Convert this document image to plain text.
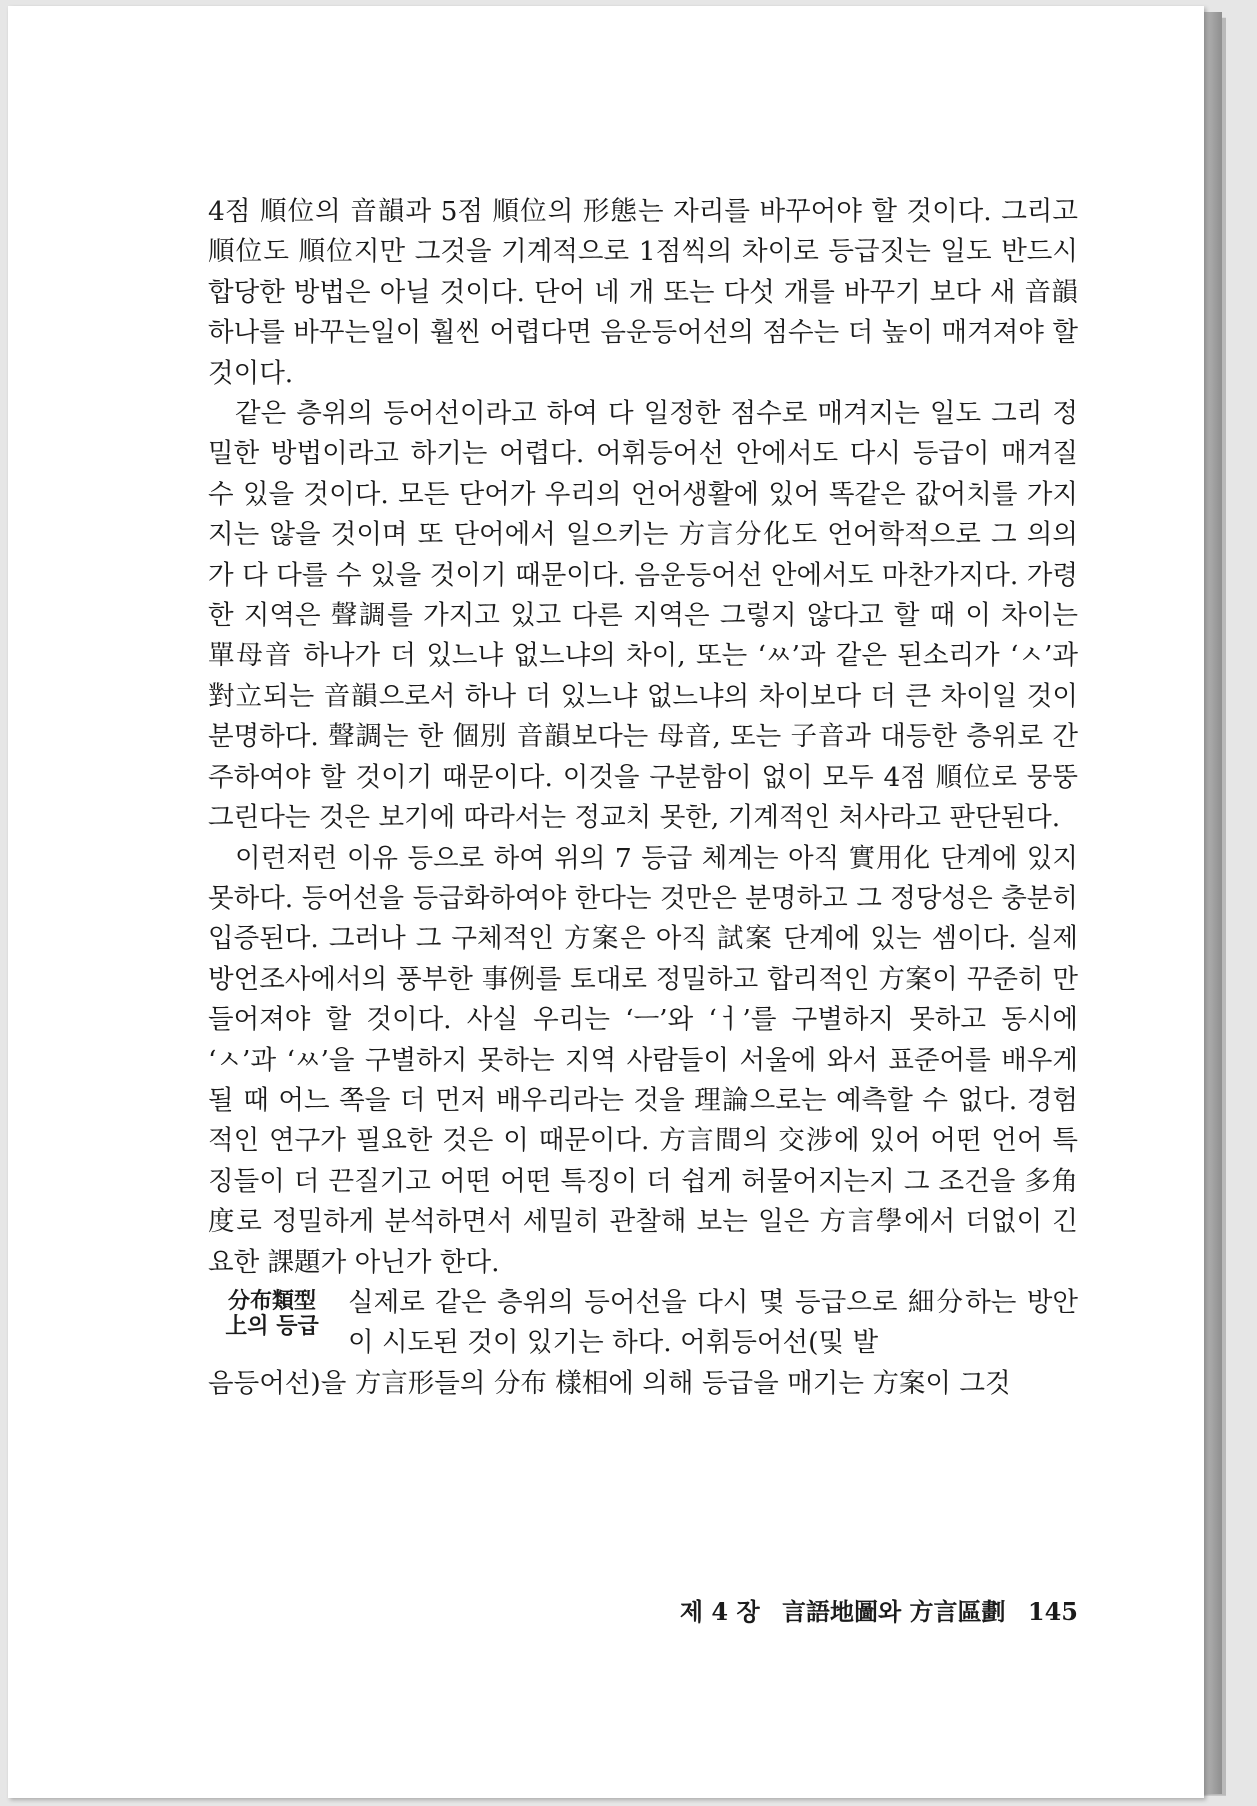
4점 順位의 音韻과 5점 順位의 形態는 자리를 바꾸어야 할 것이다. 그리고 順位도 順位지만 그것을 기계적으로 1점씩의 차이로 등급짓는 일도 반드시 합당한 방법은 아닐 것이다. 단어 네 개 또는 다섯 개를 바꾸기 보다 새 音韻 하나를 바꾸는일이 훨씬 어렵다면 음운등어선의 점수는 더 높이 매겨져야 할 것이다.

같은 층위의 등어선이라고 하여 다 일정한 점수로 매겨지는 일도 그리 정밀한 방법이라고 하기는 어렵다. 어휘등어선 안에서도 다시 등급이 매겨질 수 있을 것이다. 모든 단어가 우리의 언어생활에 있어 똑같은 값어치를 가지지는 않을 것이며 또 단어에서 일으키는 方言分化도 언어학적으로 그 의의가 다 다를 수 있을 것이기 때문이다. 음운등어선 안에서도 마찬가지다. 가령 한 지역은 聲調를 가지고 있고 다른 지역은 그렇지 않다고 할 때 이 차이는 單母音 하나가 더 있느냐 없느냐의 차이, 또는 ‘ㅆ’과 같은 된소리가 ‘ㅅ’과 對立되는 音韻으로서 하나 더 있느냐 없느냐의 차이보다 더 큰 차이일 것이 분명하다. 聲調는 한 個別 音韻보다는 母音, 또는 子音과 대등한 층위로 간주하여야 할 것이기 때문이다. 이것을 구분함이 없이 모두 4점 順位로 뭉뚱그린다는 것은 보기에 따라서는 정교치 못한, 기계적인 처사라고 판단된다.

이런저런 이유 등으로 하여 위의 7 등급 체계는 아직 實用化 단계에 있지 못하다. 등어선을 등급화하여야 한다는 것만은 분명하고 그 정당성은 충분히 입증된다. 그러나 그 구체적인 方案은 아직 試案 단계에 있는 셈이다. 실제 방언조사에서의 풍부한 事例를 토대로 정밀하고 합리적인 方案이 꾸준히 만들어져야 할 것이다. 사실 우리는 ‘ㅡ’와 ‘ㅓ’를 구별하지 못하고 동시에 ‘ㅅ’과 ‘ㅆ’을 구별하지 못하는 지역 사람들이 서울에 와서 표준어를 배우게 될 때 어느 쪽을 더 먼저 배우리라는 것을 理論으로는 예측할 수 없다. 경험적인 연구가 필요한 것은 이 때문이다. 方言間의 交涉에 있어 어떤 언어 특징들이 더 끈질기고 어떤 어떤 특징이 더 쉽게 허물어지는지 그 조건을 多角度로 정밀하게 분석하면서 세밀히 관찰해 보는 일은 方言學에서 더없이 긴요한 課題가 아닌가 한다.

分布類型
上의 등급
실제로 같은 층위의 등어선을 다시 몇 등급으로 細分하는 방안이 시도된 것이 있기는 하다. 어휘등어선(및 발

음등어선)을 方言形들의 分布 樣相에 의해 등급을 매기는 方案이 그것

제 4 장 言語地圖와 方言區劃 145
